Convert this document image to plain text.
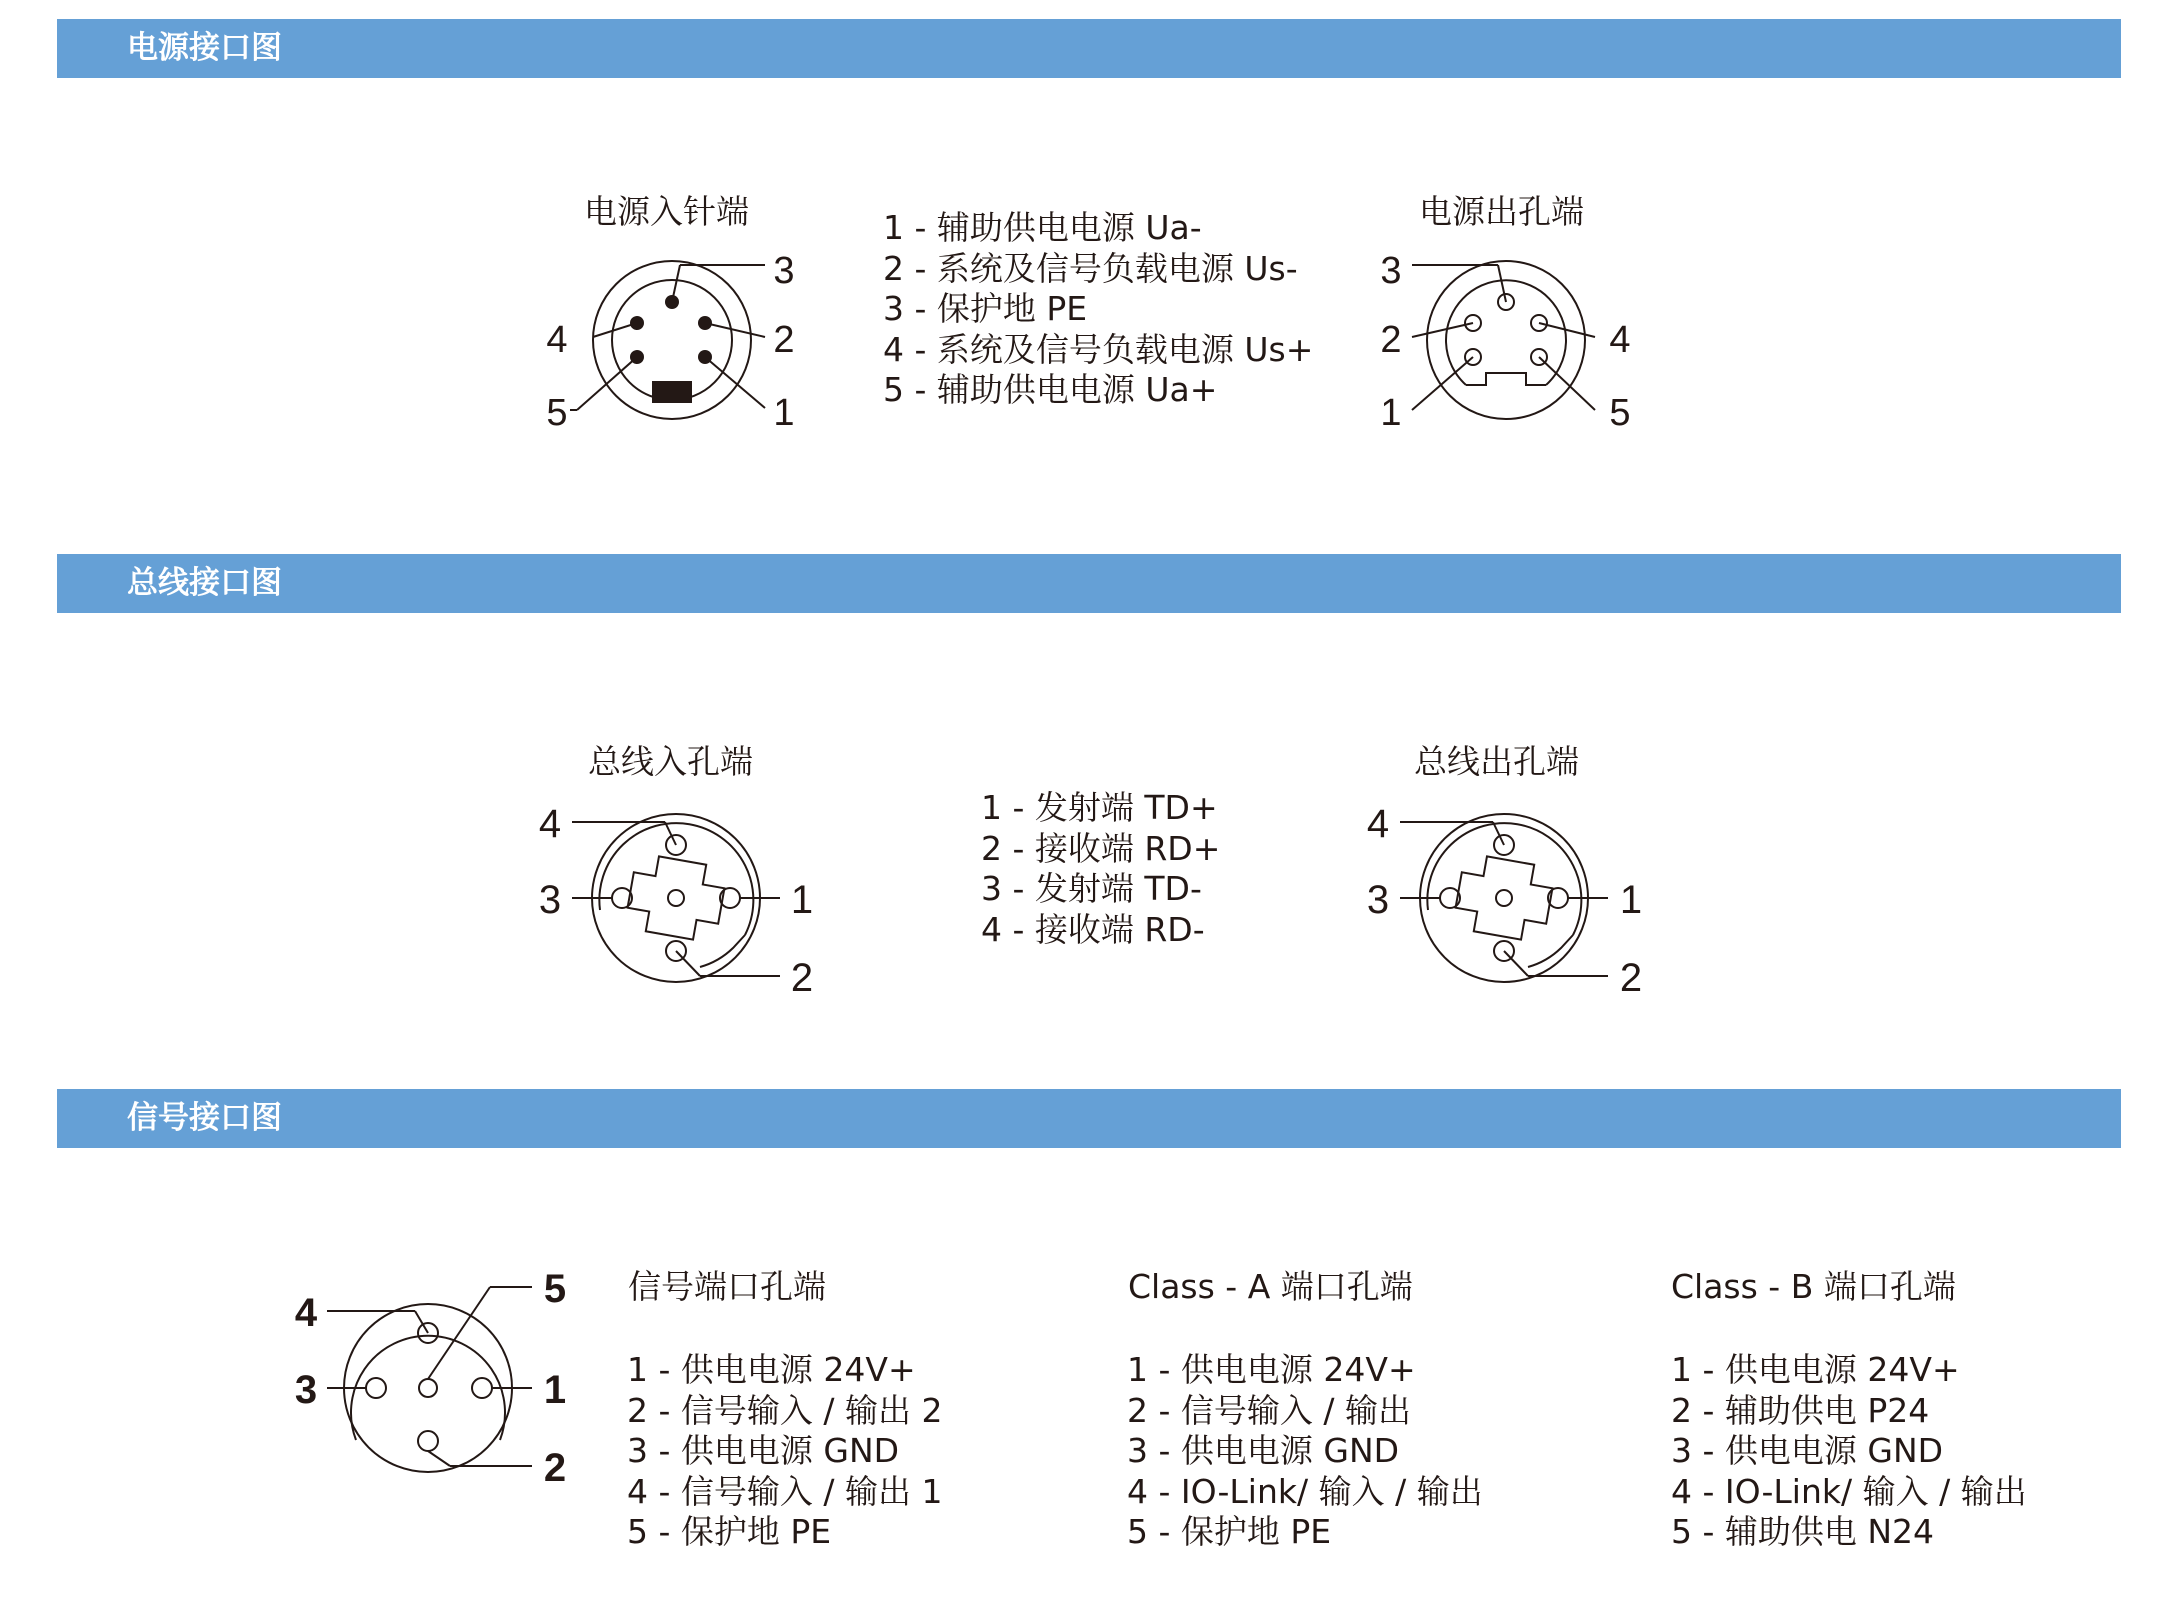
电源接口图
电源入针端
3
2
1
4
5
1 - 辅助供电电源 Ua-
2 - 系统及信号负载电源 Us-
3 - 保护地 PE
4 - 系统及信号负载电源 Us+
5 - 辅助供电电源 Ua+
电源出孔端
3
2
1
4
5
总线接口图
总线入孔端
4
3	1
2
1 - 发射端 TD+
2 - 接收端 RD+
3 - 发射端 TD-
4 - 接收端 RD-
总线出孔端
4
3	1
2
信号接口图
4
3
5
1
2
信号端口孔端
1 - 供电电源 24V+
2 - 信号输入 / 输出 2
3 - 供电电源 GND
4 - 信号输入 / 输出 1
5 - 保护地 PE
Class - A 端口孔端
1 - 供电电源 24V+
2 - 信号输入 / 输出
3 - 供电电源 GND
4 - IO-Link/ 输入 / 输出
5 - 保护地 PE
Class - B 端口孔端
1 - 供电电源 24V+
2 - 辅助供电 P24
3 - 供电电源 GND
4 - IO-Link/ 输入 / 输出
5 - 辅助供电 N24
